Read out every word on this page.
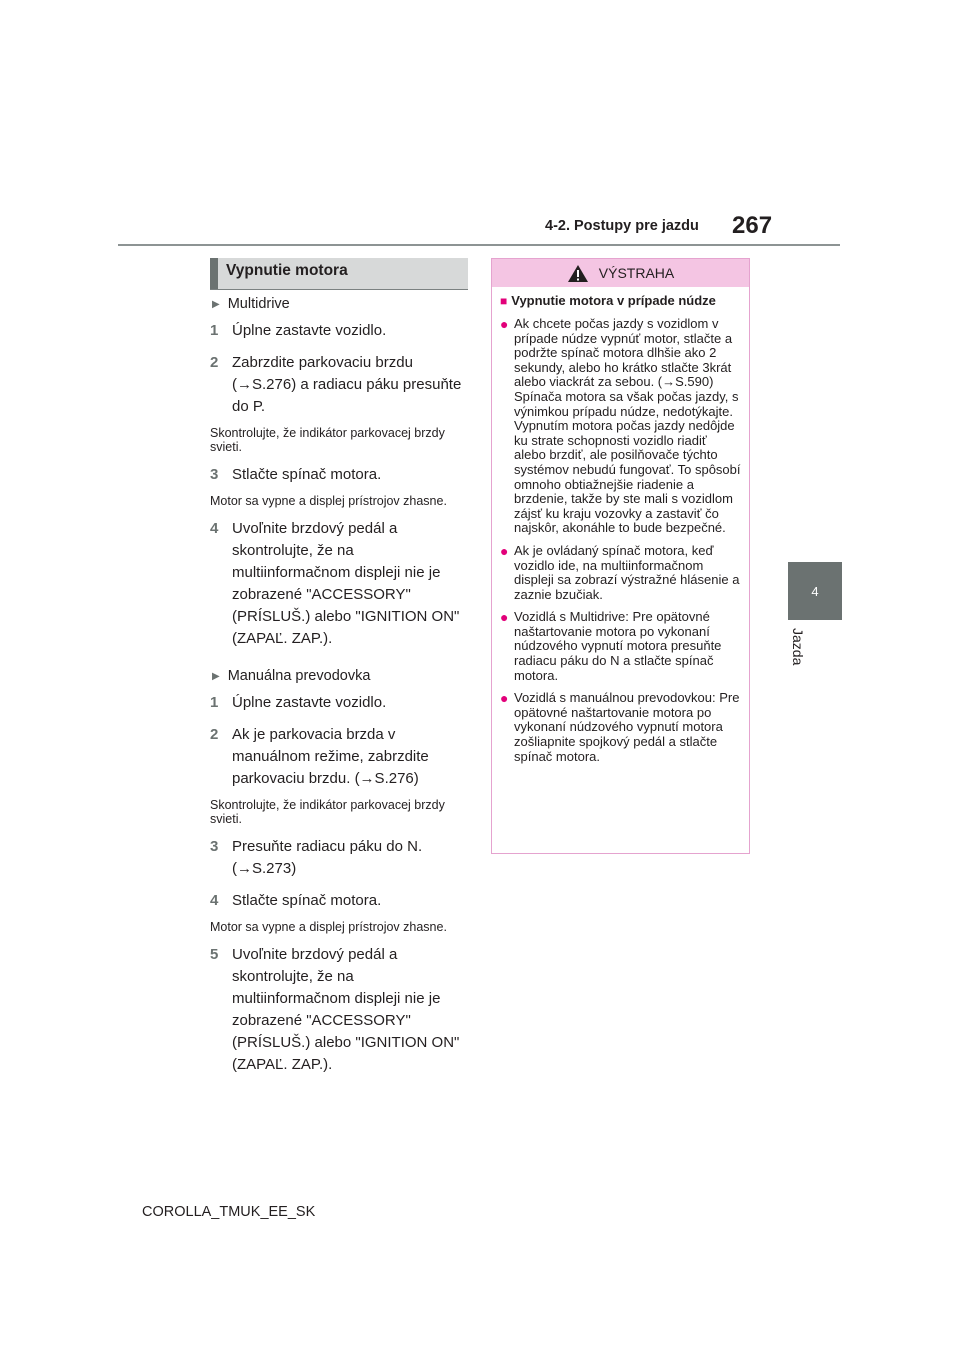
4-2. Postupy pre jazdu 267
4
Jazda
Vypnutie motora
▶ Multidrive
1 Úplne zastavte vozidlo.
2 Zabrzdite parkovaciu brzdu (→S.276) a radiacu páku presuňte do P.
Skontrolujte, že indikátor parkovacej brzdy svieti.
3 Stlačte spínač motora.
Motor sa vypne a displej prístrojov zhasne.
4 Uvoľnite brzdový pedál a skontrolujte, že na multiinformačnom displeji nie je zobrazené "ACCESSORY" (PRÍSLUŠ.) alebo "IGNITION ON" (ZAPAĽ. ZAP.).
▶ Manuálna prevodovka
1 Úplne zastavte vozidlo.
2 Ak je parkovacia brzda v manuálnom režime, zabrzdite parkovaciu brzdu. (→S.276)
Skontrolujte, že indikátor parkovacej brzdy svieti.
3 Presuňte radiacu páku do N. (→S.273)
4 Stlačte spínač motora.
Motor sa vypne a displej prístrojov zhasne.
5 Uvoľnite brzdový pedál a skontrolujte, že na multiinformačnom displeji nie je zobrazené "ACCESSORY" (PRÍSLUŠ.) alebo "IGNITION ON" (ZAPAĽ. ZAP.).
VÝSTRAHA
■ Vypnutie motora v prípade núdze
● Ak chcete počas jazdy s vozidlom v prípade núdze vypnúť motor, stlačte a podržte spínač motora dlhšie ako 2 sekundy, alebo ho krátko stlačte 3krát alebo viackrát za sebou. (→S.590)
Spínača motora sa však počas jazdy, s výnimkou prípadu núdze, nedotýkajte. Vypnutím motora počas jazdy nedôjde ku strate schopnosti vozidlo riadiť alebo brzdiť, ale posilňovače týchto systémov nebudú fungovať. To spôsobí omnoho obtiažnejšie riadenie a brzdenie, takže by ste mali s vozidlom zájsť ku kraju vozovky a zastaviť čo najskôr, akonáhle to bude bezpečné.
● Ak je ovládaný spínač motora, keď vozidlo ide, na multiinformačnom displeji sa zobrazí výstražné hlásenie a zaznie bzučiak.
● Vozidlá s Multidrive: Pre opätovné naštartovanie motora po vykonaní núdzového vypnutí motora presuňte radiacu páku do N a stlačte spínač motora.
● Vozidlá s manuálnou prevodovkou: Pre opätovné naštartovanie motora po vykonaní núdzového vypnutí motora zošliapnite spojkový pedál a stlačte spínač motora.
COROLLA_TMUK_EE_SK
